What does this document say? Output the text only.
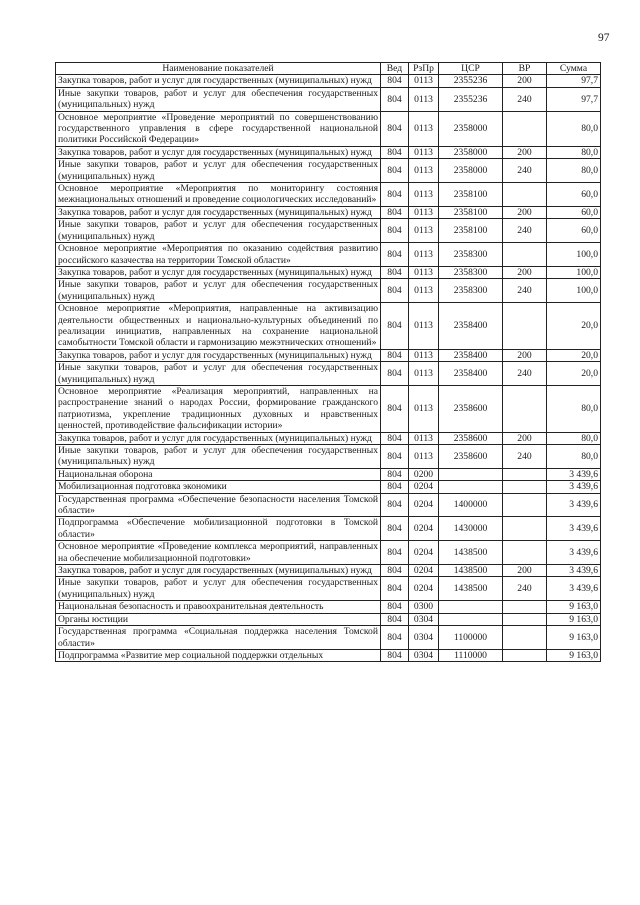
97
Наименование показателей	Вед	РзПр	ЦСР	ВР	Сумма
Закупка товаров, работ и услуг для государственных (муниципальных) нужд	804	0113	2355236	200	97,7
Иные закупки товаров, работ и услуг для обеспечения государственных (муниципальных) нужд	804	0113	2355236	240	97,7
Основное мероприятие «Проведение мероприятий по совершенствованию государственного управления в сфере государственной национальной политики Российской Федерации»	804	0113	2358000		80,0
Закупка товаров, работ и услуг для государственных (муниципальных) нужд	804	0113	2358000	200	80,0
Иные закупки товаров, работ и услуг для обеспечения государственных (муниципальных) нужд	804	0113	2358000	240	80,0
Основное мероприятие «Мероприятия по мониторингу состояния межнациональных отношений и проведение социологических исследований»	804	0113	2358100		60,0
Закупка товаров, работ и услуг для государственных (муниципальных) нужд	804	0113	2358100	200	60,0
Иные закупки товаров, работ и услуг для обеспечения государственных (муниципальных) нужд	804	0113	2358100	240	60,0
Основное мероприятие «Мероприятия по оказанию содействия развитию российского казачества на территории Томской области»	804	0113	2358300		100,0
Закупка товаров, работ и услуг для государственных (муниципальных) нужд	804	0113	2358300	200	100,0
Иные закупки товаров, работ и услуг для обеспечения государственных (муниципальных) нужд	804	0113	2358300	240	100,0
Основное мероприятие «Мероприятия, направленные на активизацию деятельности общественных и национально-культурных объединений по реализации инициатив, направленных на сохранение национальной самобытности Томской области и гармонизацию межэтнических отношений»	804	0113	2358400		20,0
Закупка товаров, работ и услуг для государственных (муниципальных) нужд	804	0113	2358400	200	20,0
Иные закупки товаров, работ и услуг для обеспечения государственных (муниципальных) нужд	804	0113	2358400	240	20,0
Основное мероприятие «Реализация мероприятий, направленных на распространение знаний о народах России, формирование гражданского патриотизма, укрепление традиционных духовных и нравственных ценностей, противодействие фальсификации истории»	804	0113	2358600		80,0
Закупка товаров, работ и услуг для государственных (муниципальных) нужд	804	0113	2358600	200	80,0
Иные закупки товаров, работ и услуг для обеспечения государственных (муниципальных) нужд	804	0113	2358600	240	80,0
Национальная оборона	804	0200			3 439,6
Мобилизационная подготовка экономики	804	0204			3 439,6
Государственная программа «Обеспечение безопасности населения Томской области»	804	0204	1400000		3 439,6
Подпрограмма «Обеспечение мобилизационной подготовки в Томской области»	804	0204	1430000		3 439,6
Основное мероприятие «Проведение комплекса мероприятий, направленных на обеспечение мобилизационной подготовки»	804	0204	1438500		3 439,6
Закупка товаров, работ и услуг для государственных (муниципальных) нужд	804	0204	1438500	200	3 439,6
Иные закупки товаров, работ и услуг для обеспечения государственных (муниципальных) нужд	804	0204	1438500	240	3 439,6
Национальная безопасность и правоохранительная деятельность	804	0300			9 163,0
Органы юстиции	804	0304			9 163,0
Государственная программа «Социальная поддержка населения Томской области»	804	0304	1100000		9 163,0
Подпрограмма «Развитие мер социальной поддержки отдельных	804	0304	1110000		9 163,0
